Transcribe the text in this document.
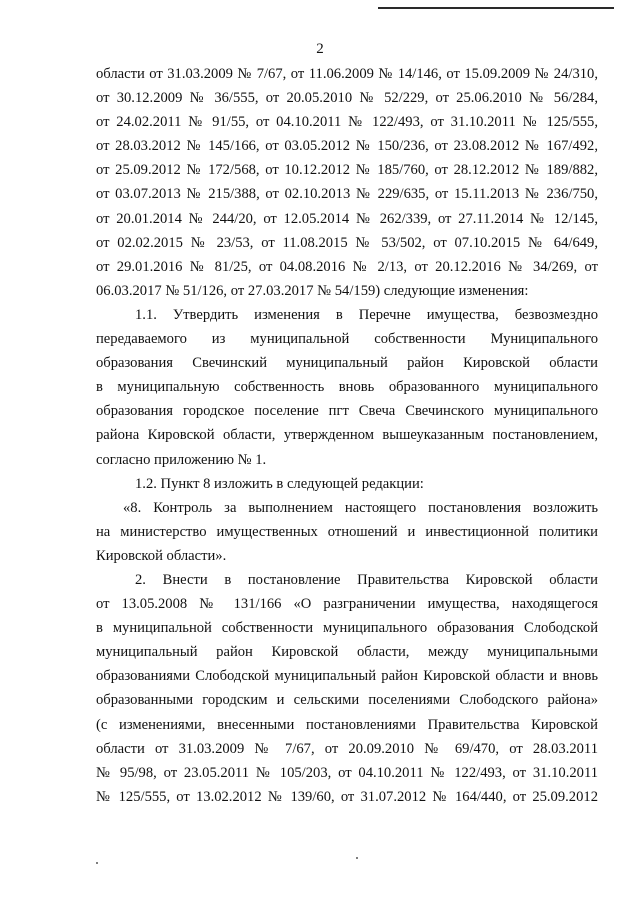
2
области от 31.03.2009 № 7/67, от 11.06.2009 № 14/146, от 15.09.2009 № 24/310,
от 30.12.2009 № 36/555, от 20.05.2010 № 52/229, от 25.06.2010 № 56/284,
от 24.02.2011 № 91/55, от 04.10.2011 № 122/493, от 31.10.2011 № 125/555,
от 28.03.2012 № 145/166, от 03.05.2012 № 150/236, от 23.08.2012 № 167/492,
от 25.09.2012 № 172/568, от 10.12.2012 № 185/760, от 28.12.2012 № 189/882,
от 03.07.2013 № 215/388, от 02.10.2013 № 229/635, от 15.11.2013 № 236/750,
от 20.01.2014 № 244/20, от 12.05.2014 № 262/339, от 27.11.2014 № 12/145,
от 02.02.2015 № 23/53, от 11.08.2015 № 53/502, от 07.10.2015 № 64/649,
от 29.01.2016 № 81/25, от 04.08.2016 № 2/13, от 20.12.2016 № 34/269, от
06.03.2017 № 51/126, от 27.03.2017 № 54/159) следующие изменения:
1.1. Утвердить изменения в Перечне имущества, безвозмездно
передаваемого из муниципальной собственности Муниципального
образования Свечинский муниципальный район Кировской области
в муниципальную собственность вновь образованного муниципального
образования городское поселение пгт Свеча Свечинского муниципального
района Кировской области, утвержденном вышеуказанным постановлением,
согласно приложению № 1.
1.2. Пункт 8 изложить в следующей редакции:
«8. Контроль за выполнением настоящего постановления возложить
на министерство имущественных отношений и инвестиционной политики
Кировской области».
2. Внести в постановление Правительства Кировской области
от 13.05.2008 № 131/166 «О разграничении имущества, находящегося
в муниципальной собственности муниципального образования Слободской
муниципальный район Кировской области, между муниципальными
образованиями Слободской муниципальный район Кировской области и вновь
образованными городским и сельскими поселениями Слободского района»
(с изменениями, внесенными постановлениями Правительства Кировской
области от 31.03.2009 № 7/67, от 20.09.2010 № 69/470, от 28.03.2011
№ 95/98, от 23.05.2011 № 105/203, от 04.10.2011 № 122/493, от 31.10.2011
№ 125/555, от 13.02.2012 № 139/60, от 31.07.2012 № 164/440, от 25.09.2012
